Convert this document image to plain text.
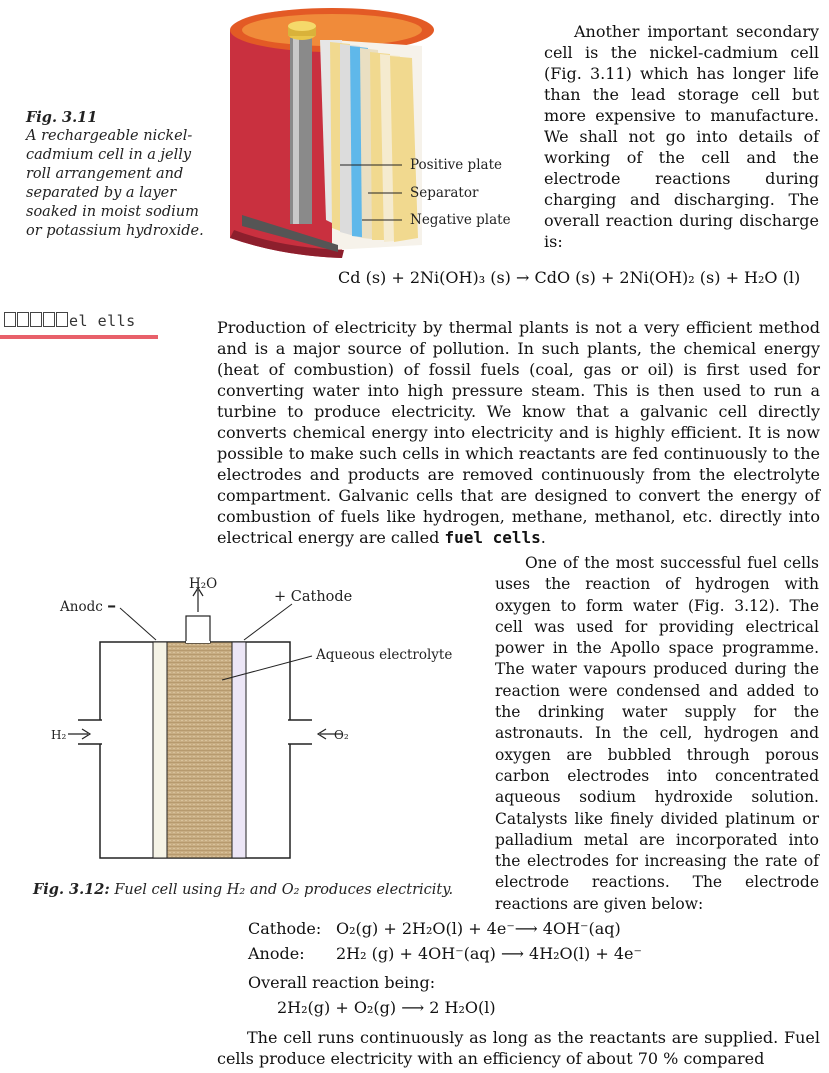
Fig. 3.11
A rechargeable nickel-cadmium cell in a jelly roll arrangement and separated by a layer soaked in moist sodium or potassium hydroxide.
Positive plate
Separator
Negative plate
Another important secondary cell is the nickel-cadmium cell (Fig. 3.11) which has longer life than the lead storage cell but more expensive to manufacture. We shall not go into details of working of the cell and the electrode reactions during charging and discharging. The overall reaction during discharge is:
Cd (s) + 2Ni(OH)₃ (s) → CdO (s) + 2Ni(OH)₂ (s) + H₂O (l)
el ells	Production of electricity by thermal plants is not a very efficient method and is a major source of pollution. In such plants, the chemical energy (heat of combustion) of fossil fuels (coal, gas or oil) is first used for converting water into high pressure steam. This is then used to run a turbine to produce electricity. We know that a galvanic cell directly converts chemical energy into electricity and is highly efficient. It is now possible to make such cells in which reactants are fed continuously to the electrodes and products are removed continuously from the electrolyte compartment. Galvanic cells that are designed to convert the energy of combustion of fuels like hydrogen, methane, methanol, etc. directly into electrical energy are called fuel cells.
Anodc –
H₂O
+ Cathode
Aqueous electrolyte
H₂	O₂
Fig. 3.12: Fuel cell using H₂ and O₂ produces electricity.
One of the most successful fuel cells uses the reaction of hydrogen with oxygen to form water (Fig. 3.12). The cell was used for providing electrical power in the Apollo space programme. The water vapours produced during the reaction were condensed and added to the drinking water supply for the astronauts. In the cell, hydrogen and oxygen are bubbled through porous carbon electrodes into concentrated aqueous sodium hydroxide solution. Catalysts like finely divided platinum or palladium metal are incorporated into the electrodes for increasing the rate of electrode reactions. The electrode reactions are given below:
Cathode: O₂(g) + 2H₂O(l) + 4e⁻⟶ 4OH⁻(aq)
Anode: 2H₂ (g) + 4OH⁻(aq) ⟶ 4H₂O(l) + 4e⁻
Overall reaction being:
2H₂(g) + O₂(g) ⟶ 2 H₂O(l)
The cell runs continuously as long as the reactants are supplied. Fuel cells produce electricity with an efficiency of about 70 % compared
